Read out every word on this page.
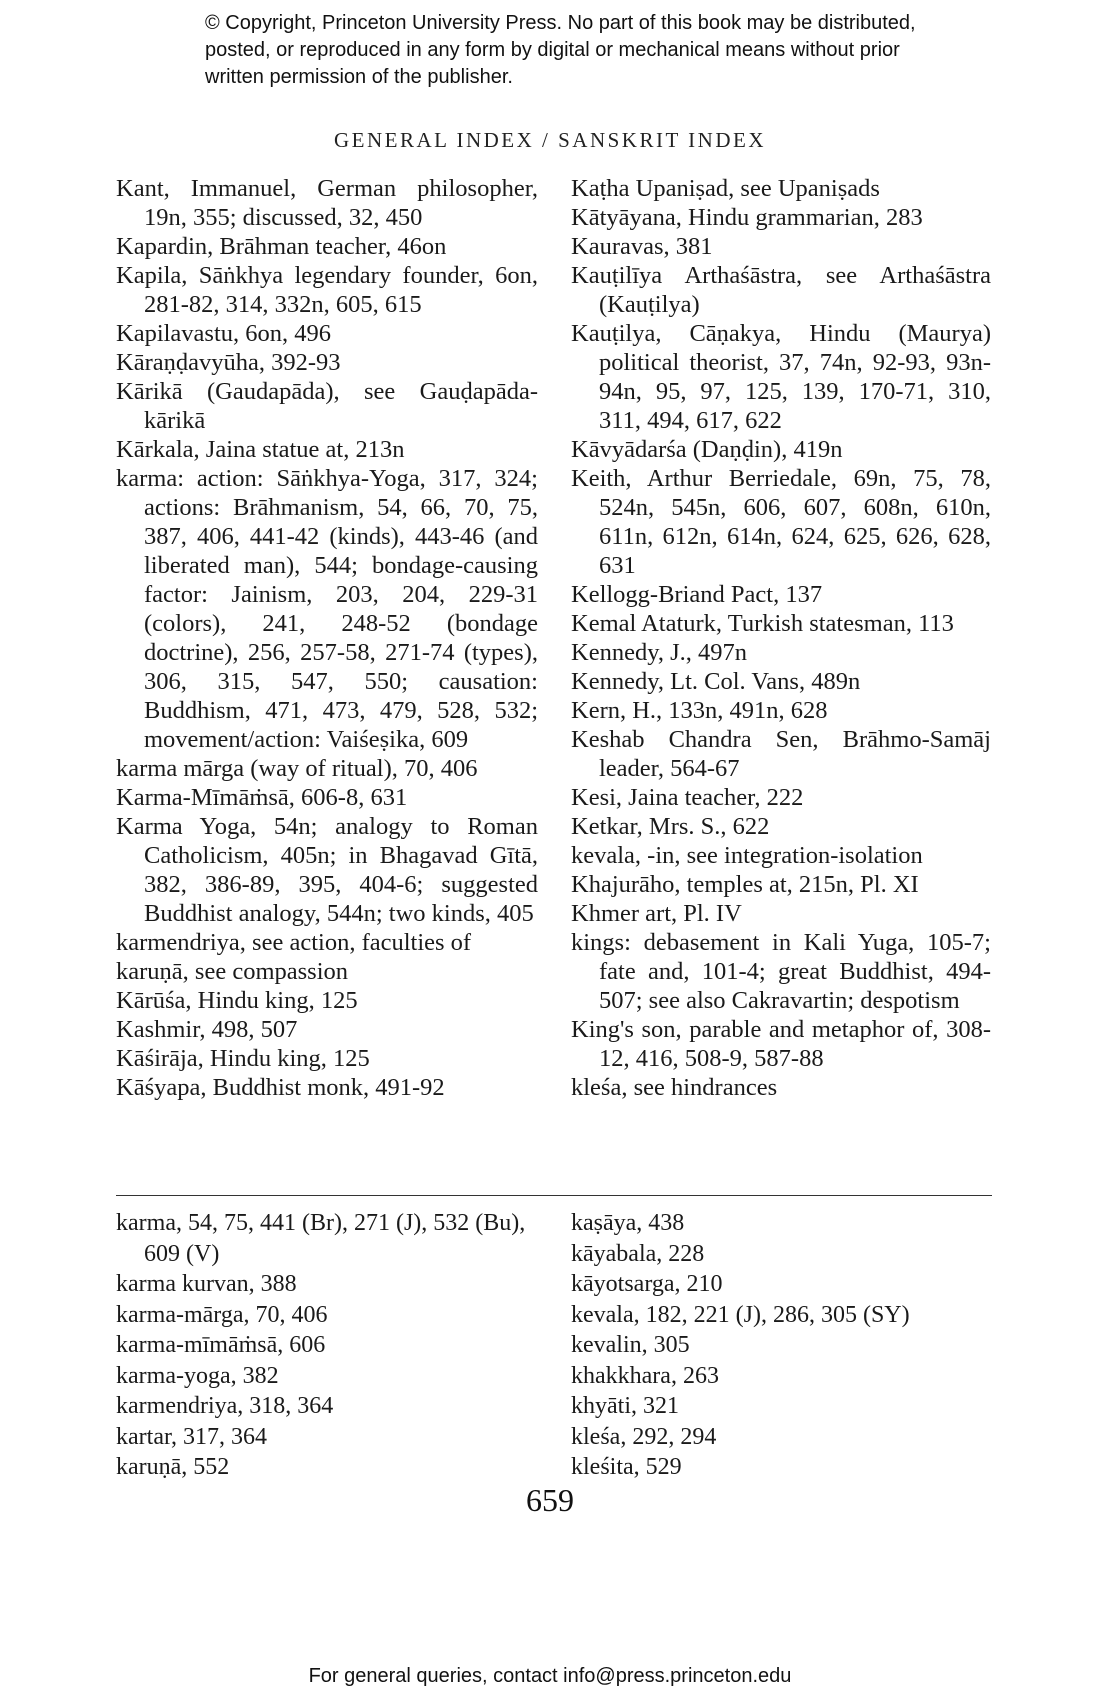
© Copyright, Princeton University Press. No part of this book may be distributed, posted, or reproduced in any form by digital or mechanical means without prior written permission of the publisher.
GENERAL INDEX / SANSKRIT INDEX
Kant, Immanuel, German philosopher, 19n, 355; discussed, 32, 450
Kapardin, Brāhman teacher, 46on
Kapila, Sāṅkhya legendary founder, 6on, 281-82, 314, 332n, 605, 615
Kapilavastu, 6on, 496
Kāraṇḍavyūha, 392-93
Kārikā (Gaudapāda), see Gauḍapāda-kārikā
Kārkala, Jaina statue at, 213n
karma: action: Sāṅkhya-Yoga, 317, 324; actions: Brāhmanism, 54, 66, 70, 75, 387, 406, 441-42 (kinds), 443-46 (and liberated man), 544; bondage-causing factor: Jainism, 203, 204, 229-31 (colors), 241, 248-52 (bondage doctrine), 256, 257-58, 271-74 (types), 306, 315, 547, 550; causation: Buddhism, 471, 473, 479, 528, 532; movement/action: Vaiśeṣika, 609
karma mārga (way of ritual), 70, 406
Karma-Mīmāṁsā, 606-8, 631
Karma Yoga, 54n; analogy to Roman Catholicism, 405n; in Bhagavad Gītā, 382, 386-89, 395, 404-6; suggested Buddhist analogy, 544n; two kinds, 405
karmendriya, see action, faculties of
karuṇā, see compassion
Kārūśa, Hindu king, 125
Kashmir, 498, 507
Kāśirāja, Hindu king, 125
Kāśyapa, Buddhist monk, 491-92
Kaṭha Upaniṣad, see Upaniṣads
Kātyāyana, Hindu grammarian, 283
Kauravas, 381
Kauṭilīya Arthaśāstra, see Arthaśāstra (Kauṭilya)
Kauṭilya, Cāṇakya, Hindu (Maurya) political theorist, 37, 74n, 92-93, 93n-94n, 95, 97, 125, 139, 170-71, 310, 311, 494, 617, 622
Kāvyādarśa (Daṇḍin), 419n
Keith, Arthur Berriedale, 69n, 75, 78, 524n, 545n, 606, 607, 608n, 610n, 611n, 612n, 614n, 624, 625, 626, 628, 631
Kellogg-Briand Pact, 137
Kemal Ataturk, Turkish statesman, 113
Kennedy, J., 497n
Kennedy, Lt. Col. Vans, 489n
Kern, H., 133n, 491n, 628
Keshab Chandra Sen, Brāhmo-Samāj leader, 564-67
Kesi, Jaina teacher, 222
Ketkar, Mrs. S., 622
kevala, -in, see integration-isolation
Khajurāho, temples at, 215n, Pl. XI
Khmer art, Pl. IV
kings: debasement in Kali Yuga, 105-7; fate and, 101-4; great Buddhist, 494-507; see also Cakravartin; despotism
King's son, parable and metaphor of, 308-12, 416, 508-9, 587-88
kleśa, see hindrances
karma, 54, 75, 441 (Br), 271 (J), 532 (Bu), 609 (V)
karma kurvan, 388
karma-mārga, 70, 406
karma-mīmāṁsā, 606
karma-yoga, 382
karmendriya, 318, 364
kartar, 317, 364
karuṇā, 552
kaṣāya, 438
kāyabala, 228
kāyotsarga, 210
kevala, 182, 221 (J), 286, 305 (SY)
kevalin, 305
khakkhara, 263
khyāti, 321
kleśa, 292, 294
kleśita, 529
659
For general queries, contact info@press.princeton.edu
